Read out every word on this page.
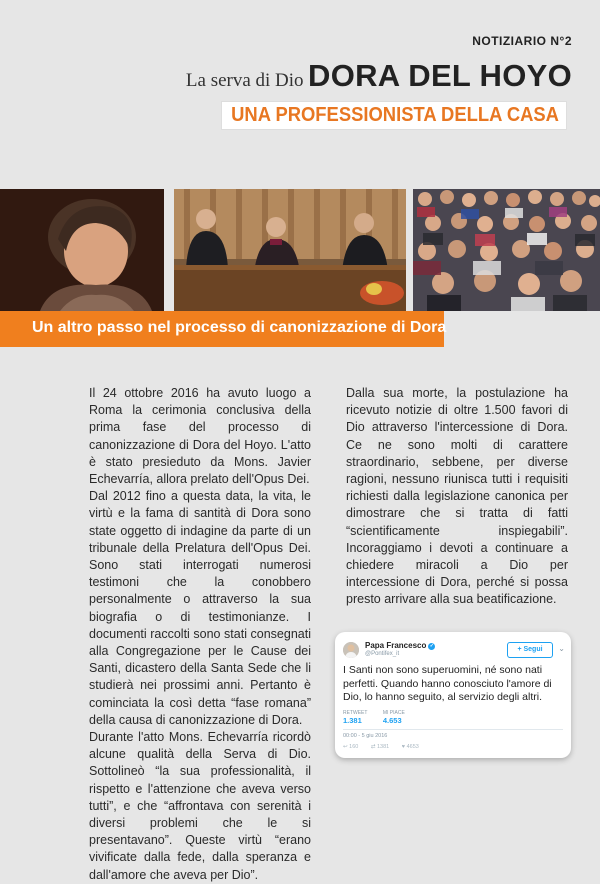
NOTIZIARIO N°2
La serva di Dio DORA DEL HOYO
UNA PROFESSIONISTA DELLA CASA
Un altro passo nel processo di canonizzazione di Dora

Il 24 ottobre 2016 ha avuto luogo a Roma la cerimonia conclusiva della prima fase del processo di canonizzazione di Dora del Hoyo. L'atto è stato presieduto da Mons. Javier Echevarría, allora prelato dell'Opus Dei.

Dal 2012 fino a questa data, la vita, le virtù e la fama di santità di Dora sono state oggetto di indagine da parte di un tribunale della Prelatura dell'Opus Dei. Sono stati interrogati numerosi testimoni che la conobbero personalmente o attraverso la sua biografia o di testimonianze. I documenti raccolti sono stati consegnati alla Congregazione per le Cause dei Santi, dicastero della Santa Sede che li studierà nei prossimi anni. Pertanto è cominciata la così detta “fase romana” della causa di canonizzazione di Dora.

Durante l'atto Mons. Echevarría ricordò alcune qualità della Serva di Dio. Sottolineò “la sua professionalità, il rispetto e l'attenzione che aveva verso tutti”, e che “affrontava con serenità i diversi problemi che le si presentavano”. Queste virtù “erano vivificate dalla fede, dalla speranza e dall'amore che aveva per Dio”.

Dalla sua morte, la postulazione ha ricevuto notizie di oltre 1.500 favori di Dio attraverso l'intercessione di Dora. Ce ne sono molti di carattere straordinario, sebbene, per diverse ragioni, nessuno riunisca tutti i requisiti richiesti dalla legislazione canonica per dimostrare che si tratta di fatti “scientificamente inspiegabili”. Incoraggiamo i devoti a continuare a chiedere miracoli a Dio per intercessione di Dora, perché si possa presto arrivare alla sua beatificazione.

Papa Francesco ✓
@Pontifex_it
+ Segui	⌄
I Santi non sono superuomini, né sono nati perfetti. Quando hanno conosciuto l'amore di Dio, lo hanno seguito, al servizio degli altri.
RETWEET
1.381
MI PIACE
4.653
00:00 - 5 giu 2016
↩ 160 ⇄ 1381 ♥ 4653
